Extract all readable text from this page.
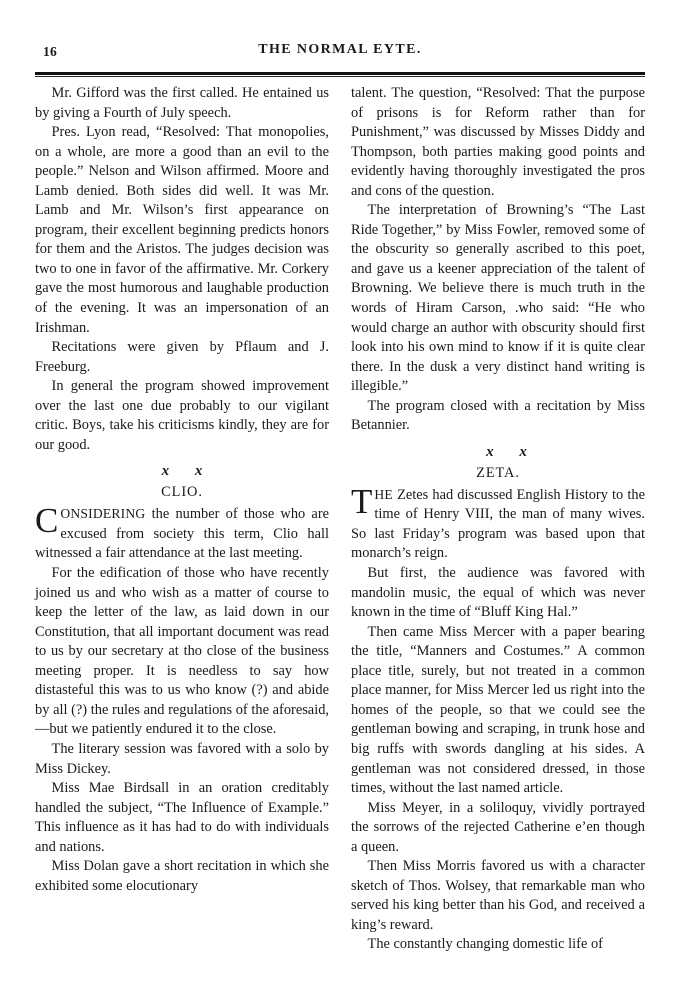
16	THE NORMAL EYTE.

Mr. Gifford was the first called. He entained us by giving a Fourth of July speech.

Pres. Lyon read, “Resolved: That monopolies, on a whole, are more a good than an evil to the people.” Nelson and Wilson affirmed. Moore and Lamb denied. Both sides did well. It was Mr. Lamb and Mr. Wilson’s first appearance on program, their excellent beginning predicts honors for them and the Aristos. The judges decision was two to one in favor of the affirmative. Mr. Corkery gave the most humorous and laughable production of the evening. It was an impersonation of an Irishman.

Recitations were given by Pflaum and J. Freeburg.

In general the program showed improvement over the last one due probably to our vigilant critic. Boys, take his criticisms kindly, they are for our good.

x x
CLIO.

CONSIDERING the number of those who are excused from society this term, Clio hall witnessed a fair attendance at the last meeting.

For the edification of those who have recently joined us and who wish as a matter of course to keep the letter of the law, as laid down in our Constitution, that all important document was read to us by our secretary at tho close of the business meeting proper. It is needless to say how distasteful this was to us who know (?) and abide by all (?) the rules and regulations of the aforesaid,—but we patiently endured it to the close.

The literary session was favored with a solo by Miss Dickey.

Miss Mae Birdsall in an oration creditably handled the subject, “The Influence of Example.” This influence as it has had to do with individuals and nations.

Miss Dolan gave a short recitation in which she exhibited some elocutionary

talent. The question, “Resolved: That the purpose of prisons is for Reform rather than for Punishment,” was discussed by Misses Diddy and Thompson, both parties making good points and evidently having thoroughly investigated the pros and cons of the question.

The interpretation of Browning’s “The Last Ride Together,” by Miss Fowler, removed some of the obscurity so generally ascribed to this poet, and gave us a keener appreciation of the talent of Browning. We believe there is much truth in the words of Hiram Carson, .who said: “He who would charge an author with obscurity should first look into his own mind to know if it is quite clear there. In the dusk a very distinct hand writing is illegible.”

The program closed with a recitation by Miss Betannier.

x x
ZETA.

THE Zetes had discussed English History to the time of Henry VIII, the man of many wives. So last Friday’s program was based upon that monarch’s reign.

But first, the audience was favored with mandolin music, the equal of which was never known in the time of “Bluff King Hal.”

Then came Miss Mercer with a paper bearing the title, “Manners and Costumes.” A common place title, surely, but not treated in a common place manner, for Miss Mercer led us right into the homes of the people, so that we could see the gentleman bowing and scraping, in trunk hose and big ruffs with swords dangling at his sides. A gentleman was not considered dressed, in those times, without the last named article.

Miss Meyer, in a soliloquy, vividly portrayed the sorrows of the rejected Catherine e’en though a queen.

Then Miss Morris favored us with a character sketch of Thos. Wolsey, that remarkable man who served his king better than his God, and received a king’s reward.

The constantly changing domestic life of
